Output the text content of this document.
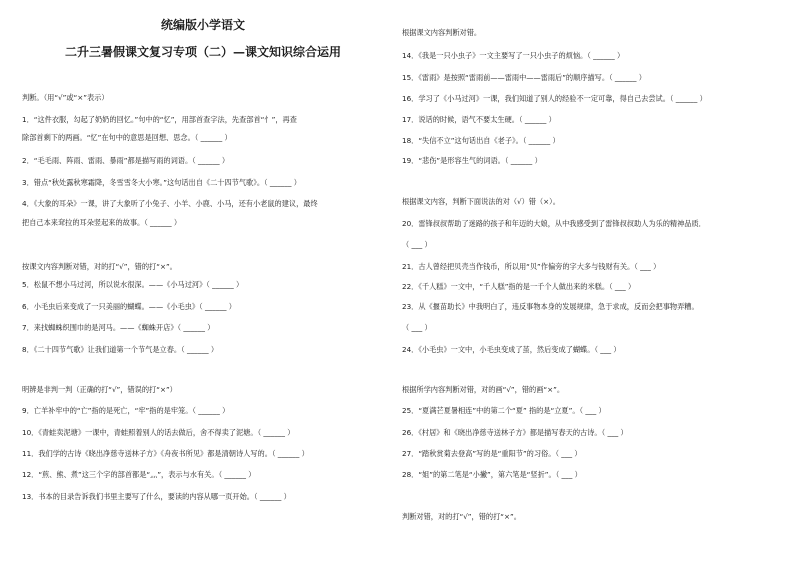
统编版小学语文
二升三暑假课文复习专项（二）—课文知识综合运用
判断。（用“√”或“×”表示）
1．“这件衣服，勾起了奶奶的回忆。”句中的“忆”，用部首查字法，先查部首“忄”，再查
除部首剩下的两画。“忆”在句中的意思是回想、思念。（ ______ ）
2．“毛毛雨、阵雨、雷雨、暴雨”都是描写雨的词语。（ ______ ）
3．错点“秋处露秋寒霜降，冬雪雪冬大小寒。”这句话出自《二十四节气歌》。（ ______ ）
4．《大象的耳朵》一课，讲了大象听了小兔子、小羊、小鹿、小马，还有小老鼠的建议，最终
把自己本来耷拉的耳朵竖起来的故事。（ ______ ）
按课文内容判断对错，对的打“√”，错的打“×”。
5．松鼠不想小马过河，所以说水很深。——《小马过河》（ ______ ）
6．小毛虫后来变成了一只美丽的蝴蝶。——《小毛虫》（ ______ ）
7．来找蜘蛛织围巾的是河马。——《蜘蛛开店》（ ______ ）
8．《二十四节气歌》让我们道第一个节气是立春。（ ______ ）
明辨是非判一判（正确的打“√”，错误的打“×”）
9．亡羊补牢中的“亡”指的是死亡，“牢”指的是牢笼。（ ______ ）
10．《青蛙卖泥塘》一课中，青蛙照着别人的话去做后，舍不得卖了泥塘。（ ______ ）
11．我们学的古诗《晓出净慈寺送林子方》《舟夜书所见》都是清朝诗人写的。（ ______ ）
12．“煎、熊、煮”这三个字的部首都是“灬”，表示与水有关。（ ______ ）
13．书本的目录告诉我们书里主要写了什么，要读的内容从哪一页开始。（ ______ ）
根据课文内容判断对错。
14．《我是一只小虫子》一文主要写了一只小虫子的烦恼。（ ______ ）
15．《雷雨》是按照“雷雨前——雷雨中——雷雨后”的顺序描写。（ ______ ）
16．学习了《小马过河》一课，我们知道了别人的经验不一定可靠，得自己去尝试。（ ______ ）
17．说话的时候，语气不要太生硬。（ ______ ）
18．“失信不立”这句话出自《老子》。（ ______ ）
19．“悲伤”是形容生气的词语。（ ______ ）
根据课文内容，判断下面说法的对（√）错（×）。
20．雷锋叔叔帮助了迷路的孩子和年迈的大娘，从中我感受到了雷锋叔叔助人为乐的精神品质．
（ ___ ）
21．古人曾经把贝壳当作钱币，所以用“贝”作偏旁的字大多与钱财有关。（ ___ ）
22．《千人糕》一文中，“千人糕”指的是一千个人做出来的米糕。（ ___ ）
23．从《揠苗助长》中我明白了，违反事物本身的发展规律，急于求成，反而会把事物弄糟。
（ ___ ）
24．《小毛虫》一文中，小毛虫变成了茧，然后变成了蝴蝶。（ ___ ）
根据所学内容判断对错，对的画“√”，错的画“×”。
25．“夏满芒夏暑相连”中的第二个“夏” 指的是“立夏”。（ ___ ）
26．《村居》和《晓出净慈寺送林子方》都是描写春天的古诗。（ ___ ）
27．“踏秋赏菊去登高”写的是“重阳节”的习俗。（ ___ ）
28．“姐”的第二笔是“小撇”，第六笔是“竖折”。（ ___ ）
判断对错，对的打“√”，错的打“×”。
